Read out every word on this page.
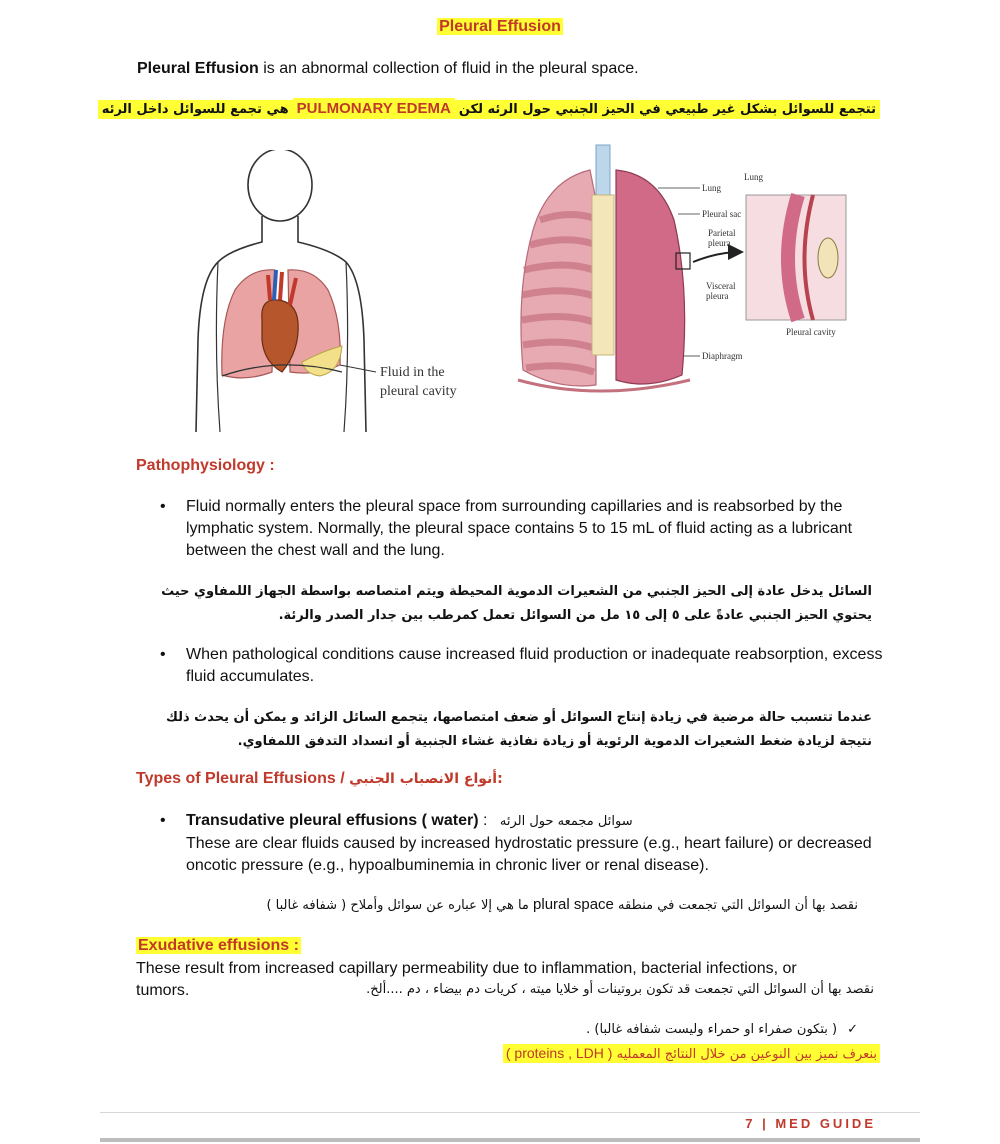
Pleural Effusion
Pleural Effusion is an abnormal collection of fluid in the pleural space.
تتجمع للسوائل بشكل غير طبيعي في الحيز الجنبي حول الرئه لكنPULMONARY EDEMAهي تجمع للسوائل داخل الرئه
Fluid in the
pleural cavity
Lung
Lung
Pleural sac
Parietal
pleura
Visceral
pleura
Pleural cavity
Diaphragm
Pathophysiology :
• Fluid normally enters the pleural space from surrounding capillaries and is reabsorbed by the lymphatic system. Normally, the pleural space contains 5 to 15 mL of fluid acting as a lubricant between the chest wall and the lung.
السائل يدخل عادة إلى الحيز الجنبي من الشعيرات الدموية المحيطة ويتم امتصاصه بواسطة الجهاز اللمفاوي حيث يحتوي الحيز الجنبي عادةً على ٥ إلى ١٥ مل من السوائل تعمل كمرطب بين جدار الصدر والرئة.
• When pathological conditions cause increased fluid production or inadequate reabsorption, excess fluid accumulates.
عندما تتسبب حالة مرضية في زيادة إنتاج السوائل أو ضعف امتصاصها، يتجمع السائل الزائد و يمكن أن يحدث ذلك نتيجة لزيادة ضغط الشعيرات الدموية الرئوية أو زيادة نفاذية غشاء الجنبية أو انسداد التدفق اللمفاوي.
Types of Pleural Effusions / أنواع الانصباب الجنبي:
• Transudative pleural effusions ( water) : سوائل مجمعه حول الرئه
These are clear fluids caused by increased hydrostatic pressure (e.g., heart failure) or decreased oncotic pressure (e.g., hypoalbuminemia in chronic liver or renal disease).
نقصد بها أن السوائل التي تجمعت في منطقه plural space ما هي إلا عباره عن سوائل وأملاح ( شفافه غالبا )
Exudative effusions :
These result from increased capillary permeability due to inflammation, bacterial infections, or
tumors.	نقصد بها أن السوائل التي تجمعت قد تكون بروتينات أو خلايا ميته ، كريات دم بيضاء ، دم ....ألخ.
✓( بتكون صفراء او حمراء وليست شفافه غالبا) .
بنعرف نميز بين النوعين من خلال النتائج المعمليه ( proteins , LDH )
7 | MED GUIDE
